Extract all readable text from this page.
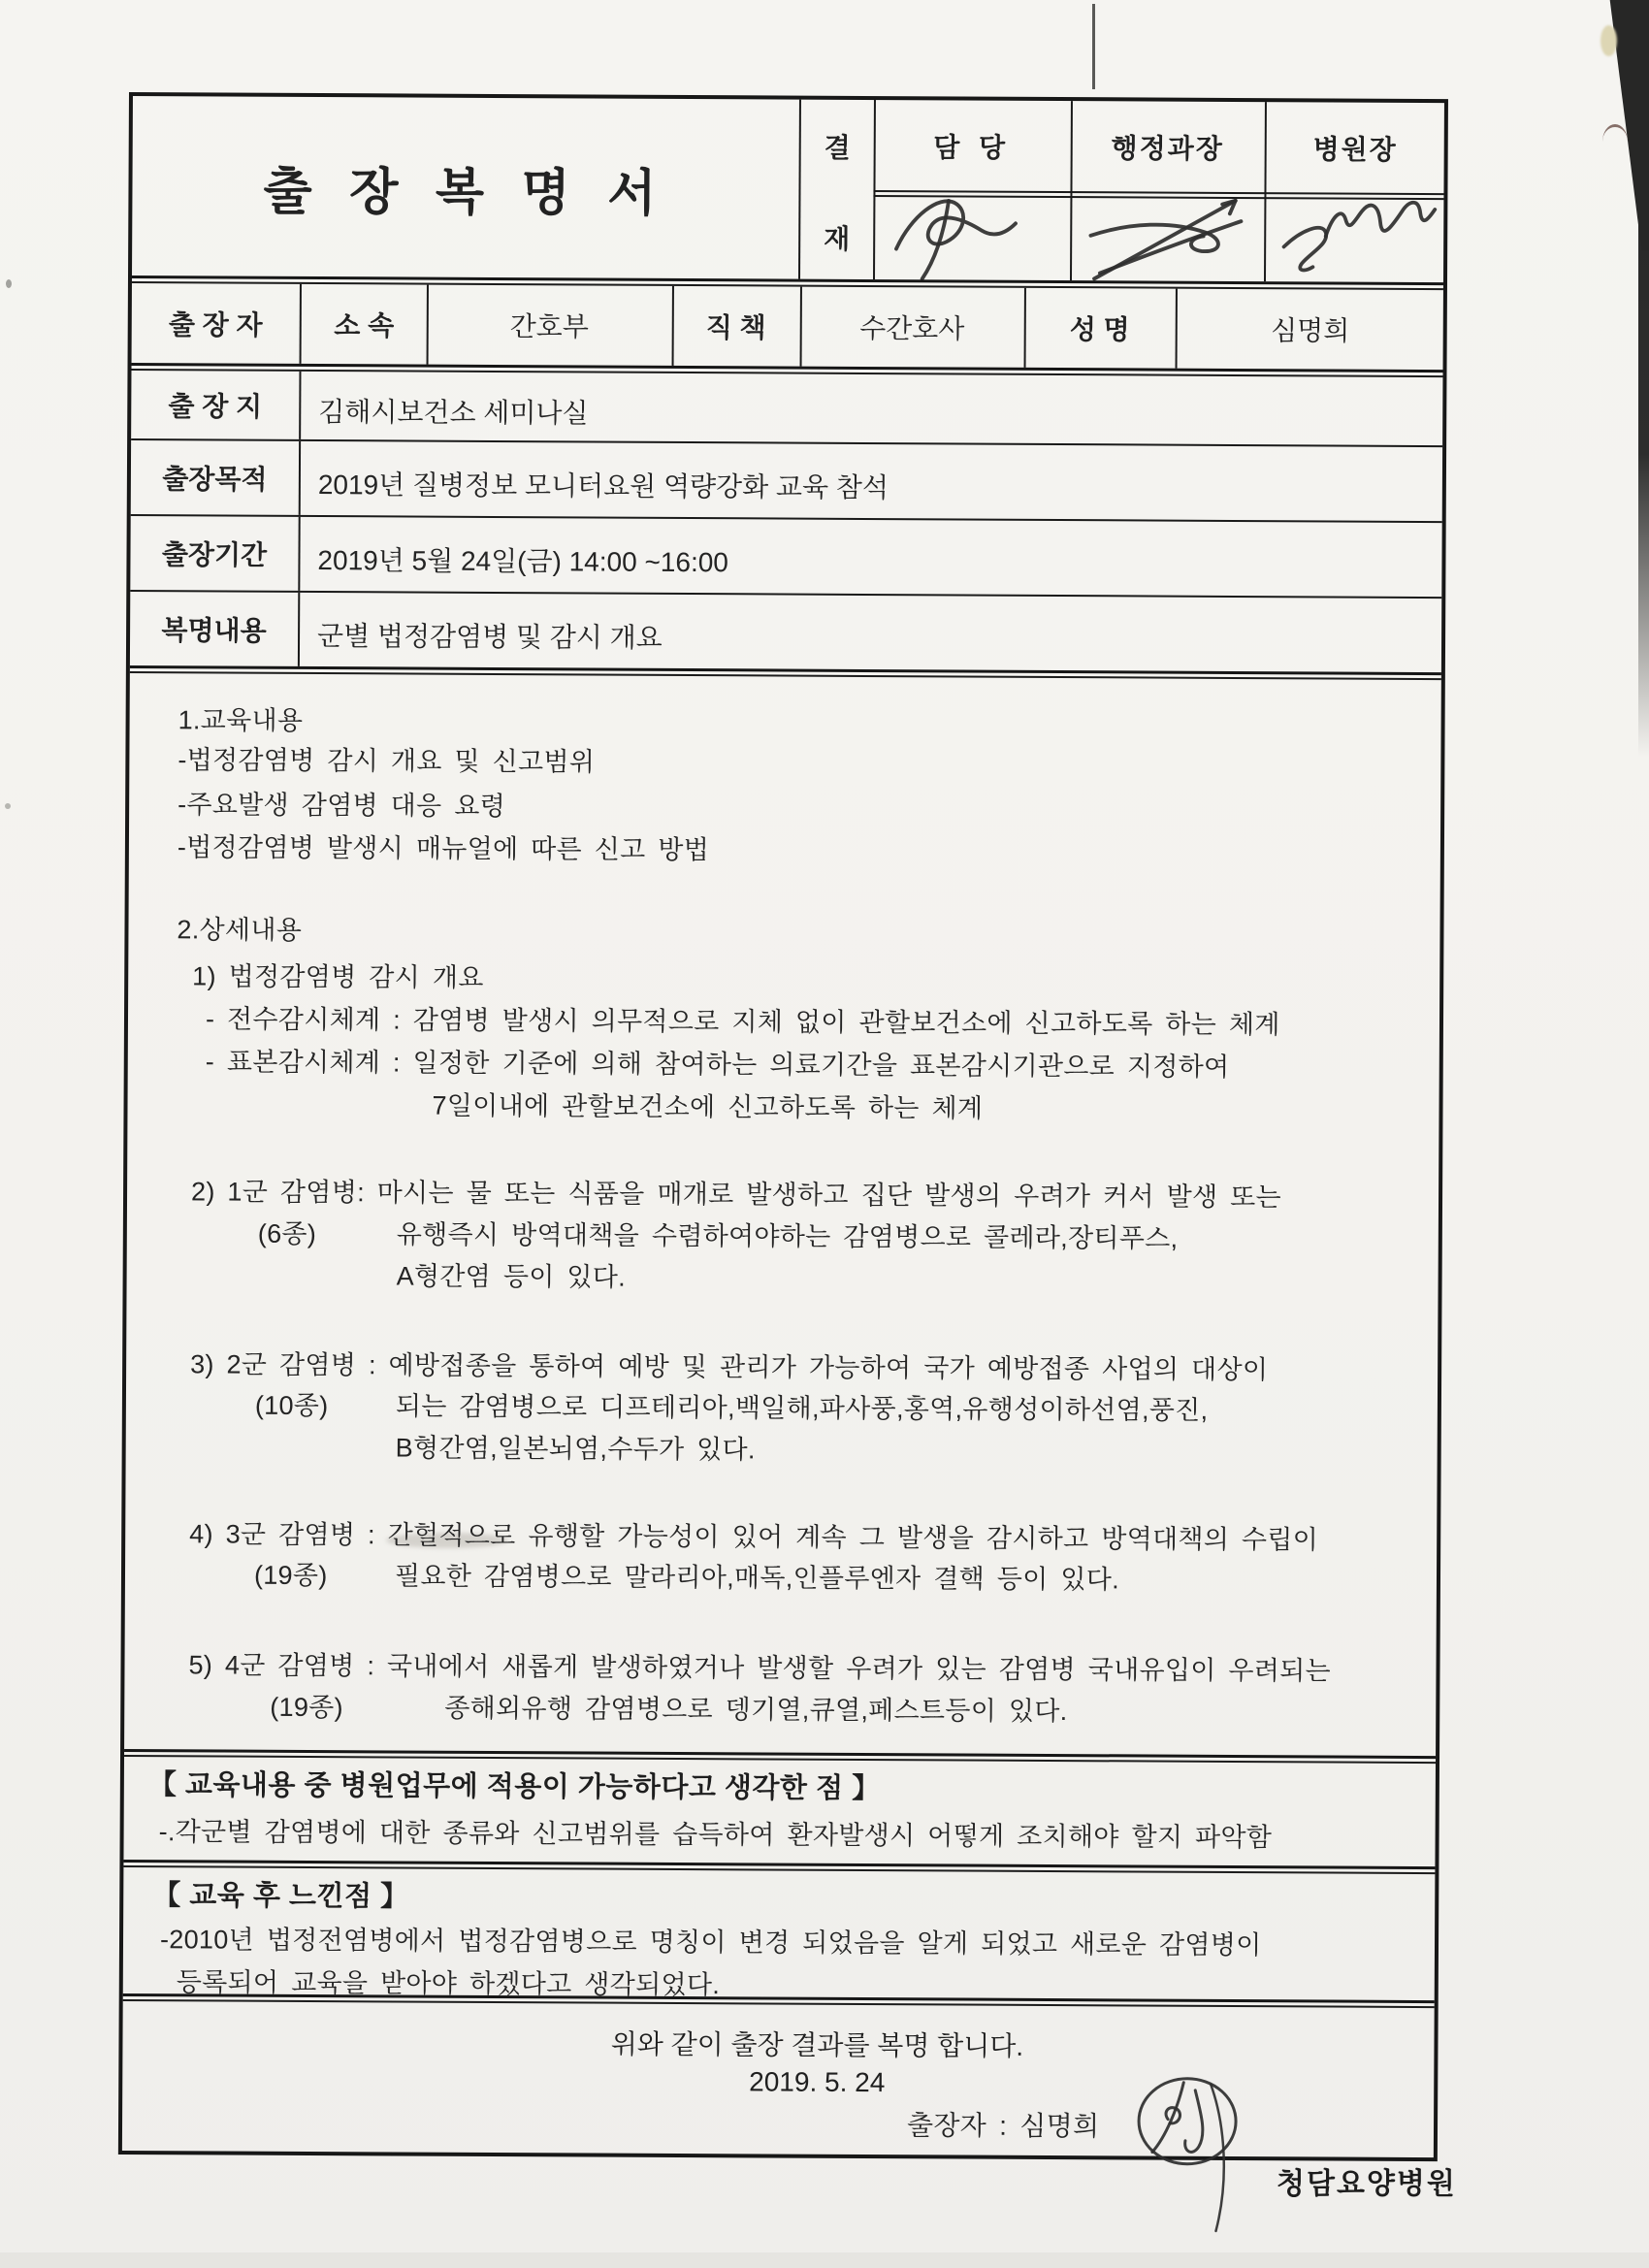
출 장 복 명 서
결
재
담 당	행정과장	병원장
출 장 자	소 속	간호부	직 책	수간호사	성 명	심명희
출 장 지	김해시보건소 세미나실
출장목적	2019년 질병정보 모니터요원 역량강화 교육 참석
출장기간	2019년 5월 24일(금) 14:00 ~16:00
복명내용	군별 법정감염병 및 감시 개요
1.교육내용
-법정감염병 감시 개요 및 신고범위
-주요발생 감염병 대응 요령
-법정감염병 발생시 매뉴얼에 따른 신고 방법
2.상세내용
1) 법정감염병 감시 개요
- 전수감시체계 : 감염병 발생시 의무적으로 지체 없이 관할보건소에 신고하도록 하는 체계
- 표본감시체계 : 일정한 기준에 의해 참여하는 의료기간을 표본감시기관으로 지정하여
7일이내에 관할보건소에 신고하도록 하는 체계
2) 1군 감염병: 마시는 물 또는 식품을 매개로 발생하고 집단 발생의 우려가 커서 발생 또는
(6종)	유행즉시 방역대책을 수렴하여야하는 감염병으로 콜레라,장티푸스,
A형간염 등이 있다.
3) 2군 감염병 : 예방접종을 통하여 예방 및 관리가 가능하여 국가 예방접종 사업의 대상이
(10종)	되는 감염병으로 디프테리아,백일해,파사풍,홍역,유행성이하선염,풍진,
B형간염,일본뇌염,수두가 있다.
4) 3군 감염병 : 간헐적으로 유행할 가능성이 있어 계속 그 발생을 감시하고 방역대책의 수립이
(19종)	필요한 감염병으로 말라리아,매독,인플루엔자 결핵 등이 있다.
5) 4군 감염병 : 국내에서 새롭게 발생하였거나 발생할 우려가 있는 감염병 국내유입이 우려되는
(19종)	종해외유행 감염병으로 뎅기열,큐열,페스트등이 있다.
【 교육내용 중 병원업무에 적용이 가능하다고 생각한 점 】
-.각군별 감염병에 대한 종류와 신고범위를 습득하여 환자발생시 어떻게 조치해야 할지 파악함
【 교육 후 느낀점 】
-2010년 법정전염병에서 법정감염병으로 명칭이 변경 되었음을 알게 되었고 새로운 감염병이
등록되어 교육을 받아야 하겠다고 생각되었다.
위와 같이 출장 결과를 복명 합니다.
2019. 5. 24
출장자 : 심명희
청담요양병원
